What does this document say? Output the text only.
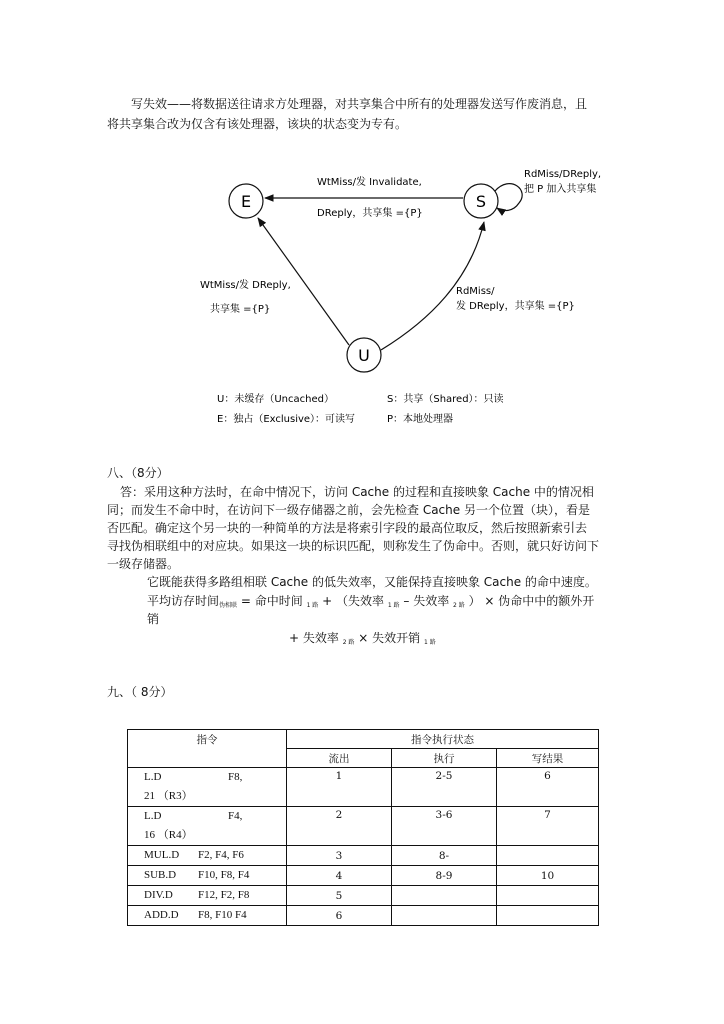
写失效——将数据送往请求方处理器，对共享集合中所有的处理器发送写作废消息，且
将共享集合改为仅含有该处理器，该块的状态变为专有。
E	S
U
WtMiss/发 Invalidate,
DReply，共享集 ={P}
RdMiss/DReply,
把 P 加入共享集
WtMiss/发 DReply,
共享集 ={P}
RdMiss/
发 DReply，共享集 ={P}
U：未缓存（Uncached）	S：共享（Shared）：只读
E：独占（Exclusive）：可读写	P：本地处理器
八、（8分）
答：采用这种方法时，在命中情况下，访问 Cache 的过程和直接映象 Cache 中的情况相
同；而发生不命中时，在访问下一级存储器之前，会先检查 Cache 另一个位置（块），看是
否匹配。确定这个另一块的一种简单的方法是将索引字段的最高位取反，然后按照新索引去
寻找伪相联组中的对应块。如果这一块的标识匹配，则称发生了伪命中。否则，就只好访问下
一级存储器。
它既能获得多路组相联 Cache 的低失效率，又能保持直接映象 Cache 的命中速度。
平均访存时间$_{伪相联}$ = 命中时间 $_{1 路}$ + （失效率 $_{1 路}$ – 失效率 $_{2 路}$ ） × 伪命中中的额外开
销
+ 失效率 $_{2 路}$ × 失效开销 $_{1 路}$
九、（ 8分）
指令	指令执行状态		
	流出	执行	写结果

L.D F8,
21 （R3）	1	2-5	6

L.D F4,
16 （R4）	2	3-6	7
MUL.D F2, F4, F6	3	8-	
SUB.D F10, F8, F4	4	8-9	10
DIV.D F12, F2, F8	5		
ADD.D F8, F10 F4	6		
